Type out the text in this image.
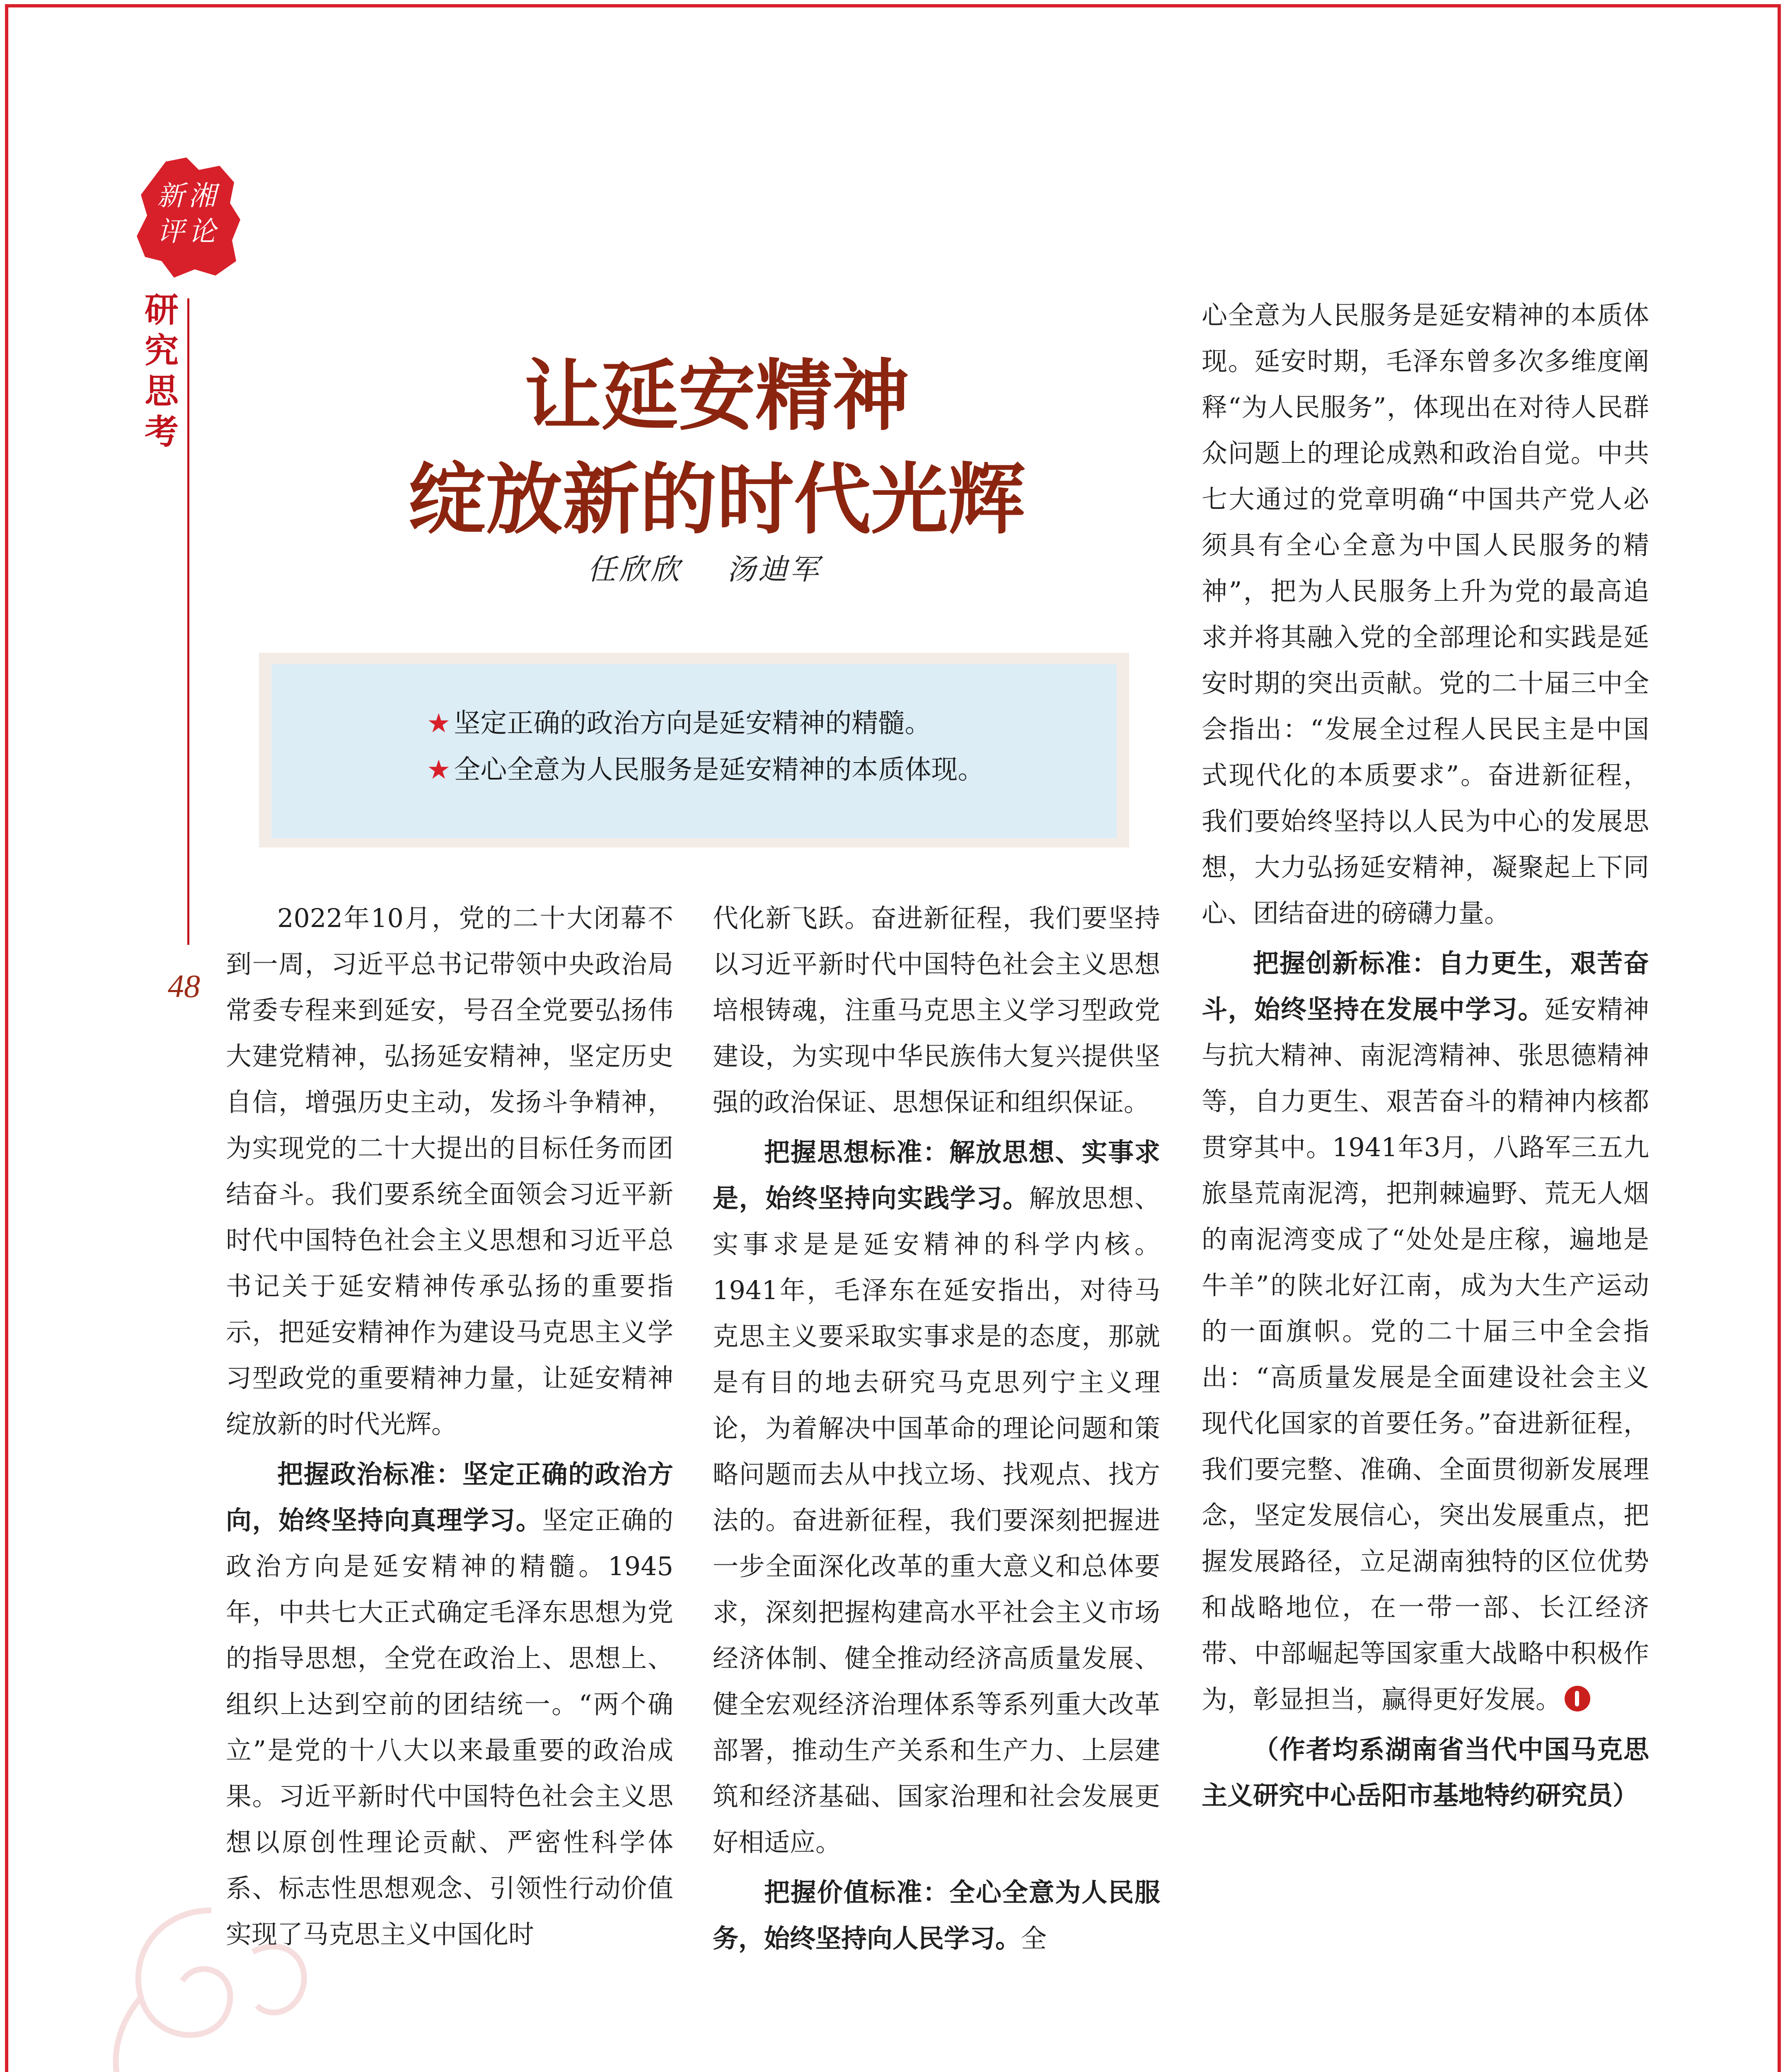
新湘评论
研
究
思
考
48
让延安精神
绽放新的时代光辉
任欣欣 汤迪军
★ 坚定正确的政治方向是延安精神的精髓。
★ 全心全意为人民服务是延安精神的本质体现。

2022年10月，党的二十大闭幕不到一周，习近平总书记带领中央政治局常委专程来到延安，号召全党要弘扬伟大建党精神，弘扬延安精神，坚定历史自信，增强历史主动，发扬斗争精神，为实现党的二十大提出的目标任务而团结奋斗。我们要系统全面领会习近平新时代中国特色社会主义思想和习近平总书记关于延安精神传承弘扬的重要指示，把延安精神作为建设马克思主义学习型政党的重要精神力量，让延安精神绽放新的时代光辉。

把握政治标准：坚定正确的政治方向，始终坚持向真理学习。坚定正确的政治方向是延安精神的精髓。1945年，中共七大正式确定毛泽东思想为党的指导思想，全党在政治上、思想上、组织上达到空前的团结统一。“两个确立”是党的十八大以来最重要的政治成果。习近平新时代中国特色社会主义思想以原创性理论贡献、严密性科学体系、标志性思想观念、引领性行动价值实现了马克思主义中国化时

代化新飞跃。奋进新征程，我们要坚持以习近平新时代中国特色社会主义思想培根铸魂，注重马克思主义学习型政党建设，为实现中华民族伟大复兴提供坚强的政治保证、思想保证和组织保证。

把握思想标准：解放思想、实事求是，始终坚持向实践学习。解放思想、实事求是是延安精神的科学内核。1941年，毛泽东在延安指出，对待马克思主义要采取实事求是的态度，那就是有目的地去研究马克思列宁主义理论，为着解决中国革命的理论问题和策略问题而去从中找立场、找观点、找方法的。奋进新征程，我们要深刻把握进一步全面深化改革的重大意义和总体要求，深刻把握构建高水平社会主义市场经济体制、健全推动经济高质量发展、健全宏观经济治理体系等系列重大改革部署，推动生产关系和生产力、上层建筑和经济基础、国家治理和社会发展更好相适应。

把握价值标准：全心全意为人民服务，始终坚持向人民学习。全

心全意为人民服务是延安精神的本质体现。延安时期，毛泽东曾多次多维度阐释“为人民服务”，体现出在对待人民群众问题上的理论成熟和政治自觉。中共七大通过的党章明确“中国共产党人必须具有全心全意为中国人民服务的精神”，把为人民服务上升为党的最高追求并将其融入党的全部理论和实践是延安时期的突出贡献。党的二十届三中全会指出：“发展全过程人民民主是中国式现代化的本质要求”。奋进新征程，我们要始终坚持以人民为中心的发展思想，大力弘扬延安精神，凝聚起上下同心、团结奋进的磅礴力量。

把握创新标准：自力更生，艰苦奋斗，始终坚持在发展中学习。延安精神与抗大精神、南泥湾精神、张思德精神等，自力更生、艰苦奋斗的精神内核都贯穿其中。1941年3月，八路军三五九旅垦荒南泥湾，把荆棘遍野、荒无人烟的南泥湾变成了“处处是庄稼，遍地是牛羊”的陕北好江南，成为大生产运动的一面旗帜。党的二十届三中全会指出：“高质量发展是全面建设社会主义现代化国家的首要任务。”奋进新征程，我们要完整、准确、全面贯彻新发展理念，坚定发展信心，突出发展重点，把握发展路径，立足湖南独特的区位优势和战略地位，在一带一部、长江经济带、中部崛起等国家重大战略中积极作为，彰显担当，赢得更好发展。

（作者均系湖南省当代中国马克思主义研究中心岳阳市基地特约研究员）
